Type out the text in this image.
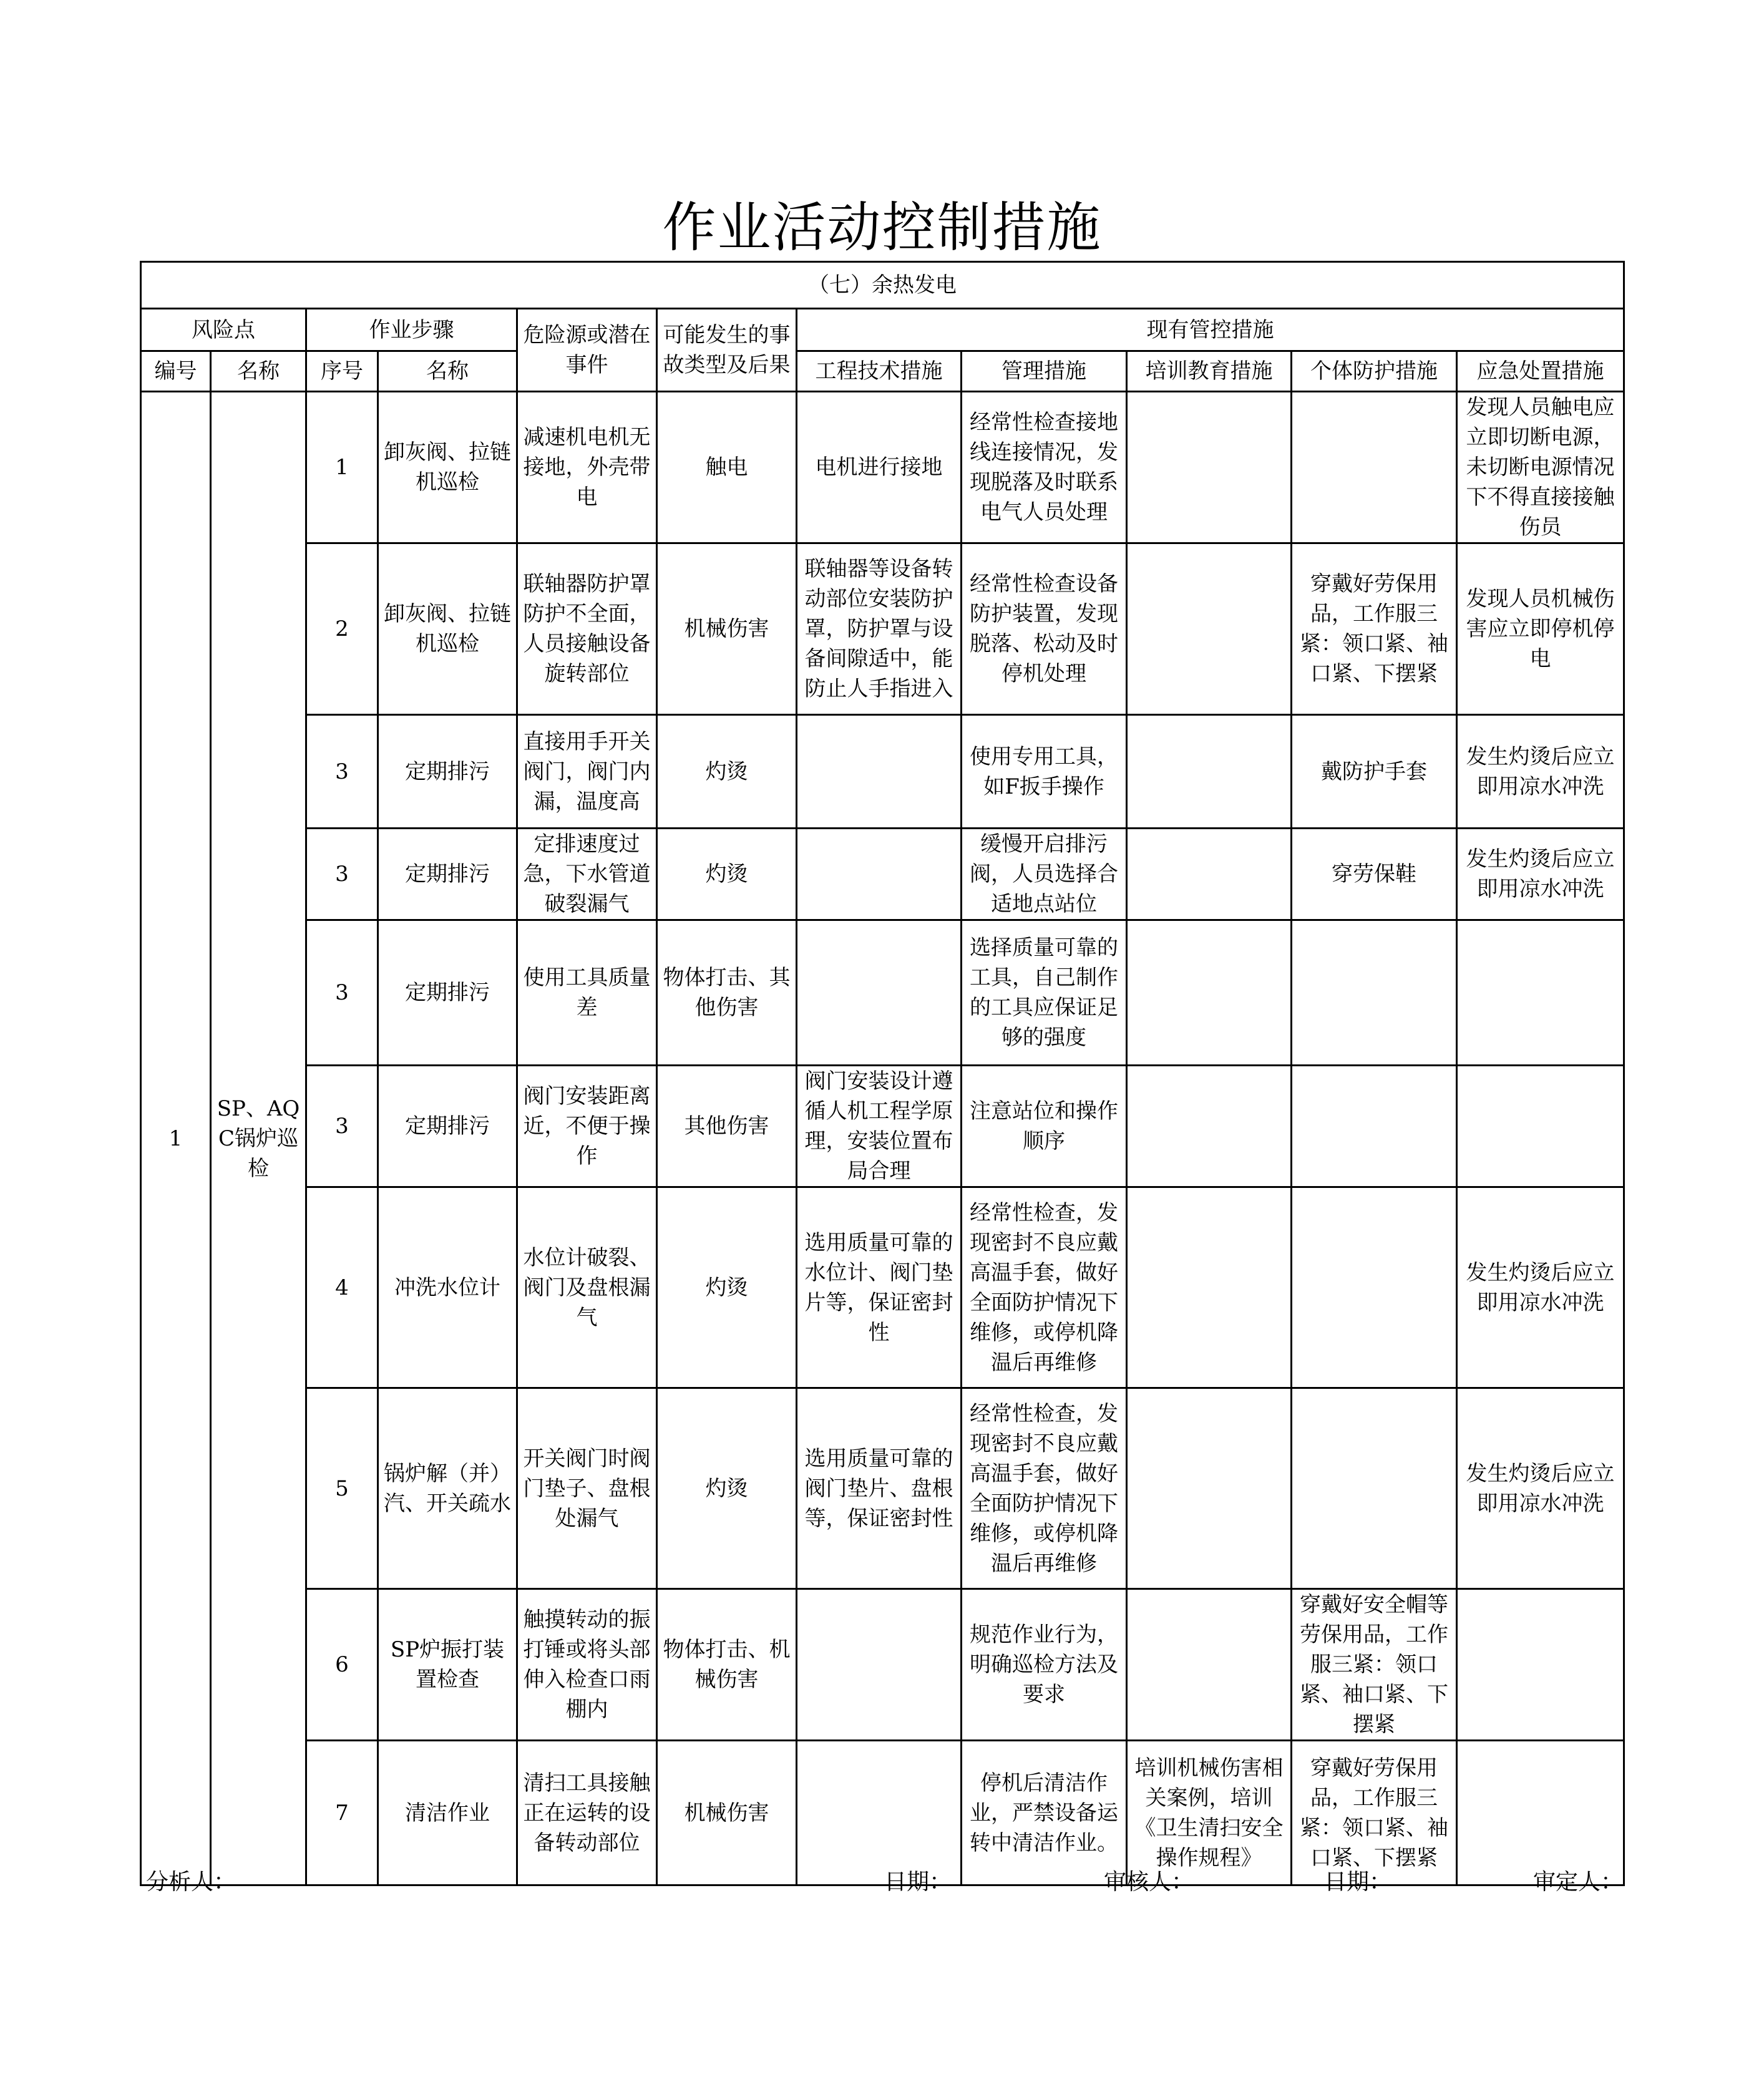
作业活动控制措施
（七）余热发电										
风险点		作业步骤		危险源或潜在事件	可能发生的事故类型及后果	现有管控措施				
编号	名称	序号	名称			工程技术措施	管理措施	培训教育措施	个体防护措施	应急处置措施
1	SP、AQC锅炉巡检	1	卸灰阀、拉链机巡检	减速机电机无接地，外壳带电	触电	电机进行接地	经常性检查接地线连接情况，发现脱落及时联系电气人员处理			发现人员触电应立即切断电源，未切断电源情况下不得直接接触伤员
		2	卸灰阀、拉链机巡检	联轴器防护罩防护不全面，人员接触设备旋转部位	机械伤害	联轴器等设备转动部位安装防护罩，防护罩与设备间隙适中，能防止人手指进入	经常性检查设备防护装置，发现脱落、松动及时停机处理		穿戴好劳保用品，工作服三紧：领口紧、袖口紧、下摆紧	发现人员机械伤害应立即停机停电
		3	定期排污	直接用手开关阀门，阀门内漏，温度高	灼烫		使用专用工具，如F扳手操作		戴防护手套	发生灼烫后应立即用凉水冲洗
		3	定期排污	定排速度过急，下水管道破裂漏气	灼烫		缓慢开启排污阀，人员选择合适地点站位		穿劳保鞋	发生灼烫后应立即用凉水冲洗
		3	定期排污	使用工具质量差	物体打击、其他伤害		选择质量可靠的工具，自己制作的工具应保证足够的强度			
		3	定期排污	阀门安装距离近，不便于操作	其他伤害	阀门安装设计遵循人机工程学原理，安装位置布局合理	注意站位和操作顺序			
		4	冲洗水位计	水位计破裂、阀门及盘根漏气	灼烫	选用质量可靠的水位计、阀门垫片等，保证密封性	经常性检查，发现密封不良应戴高温手套，做好全面防护情况下维修，或停机降温后再维修			发生灼烫后应立即用凉水冲洗
		5	锅炉解（并）汽、开关疏水	开关阀门时阀门垫子、盘根处漏气	灼烫	选用质量可靠的阀门垫片、盘根等，保证密封性	经常性检查，发现密封不良应戴高温手套，做好全面防护情况下维修，或停机降温后再维修			发生灼烫后应立即用凉水冲洗
		6	SP炉振打装置检查	触摸转动的振打锤或将头部伸入检查口雨棚内	物体打击、机械伤害		规范作业行为，明确巡检方法及要求		穿戴好安全帽等劳保用品，工作服三紧：领口紧、袖口紧、下摆紧	
		7	清洁作业	清扫工具接触正在运转的设备转动部位	机械伤害		停机后清洁作业，严禁设备运转中清洁作业。	培训机械伤害相关案例，培训《卫生清扫安全操作规程》	穿戴好劳保用品，工作服三紧：领口紧、袖口紧、下摆紧	
分析人：	日期：	审核人：	日期：	审定人：
